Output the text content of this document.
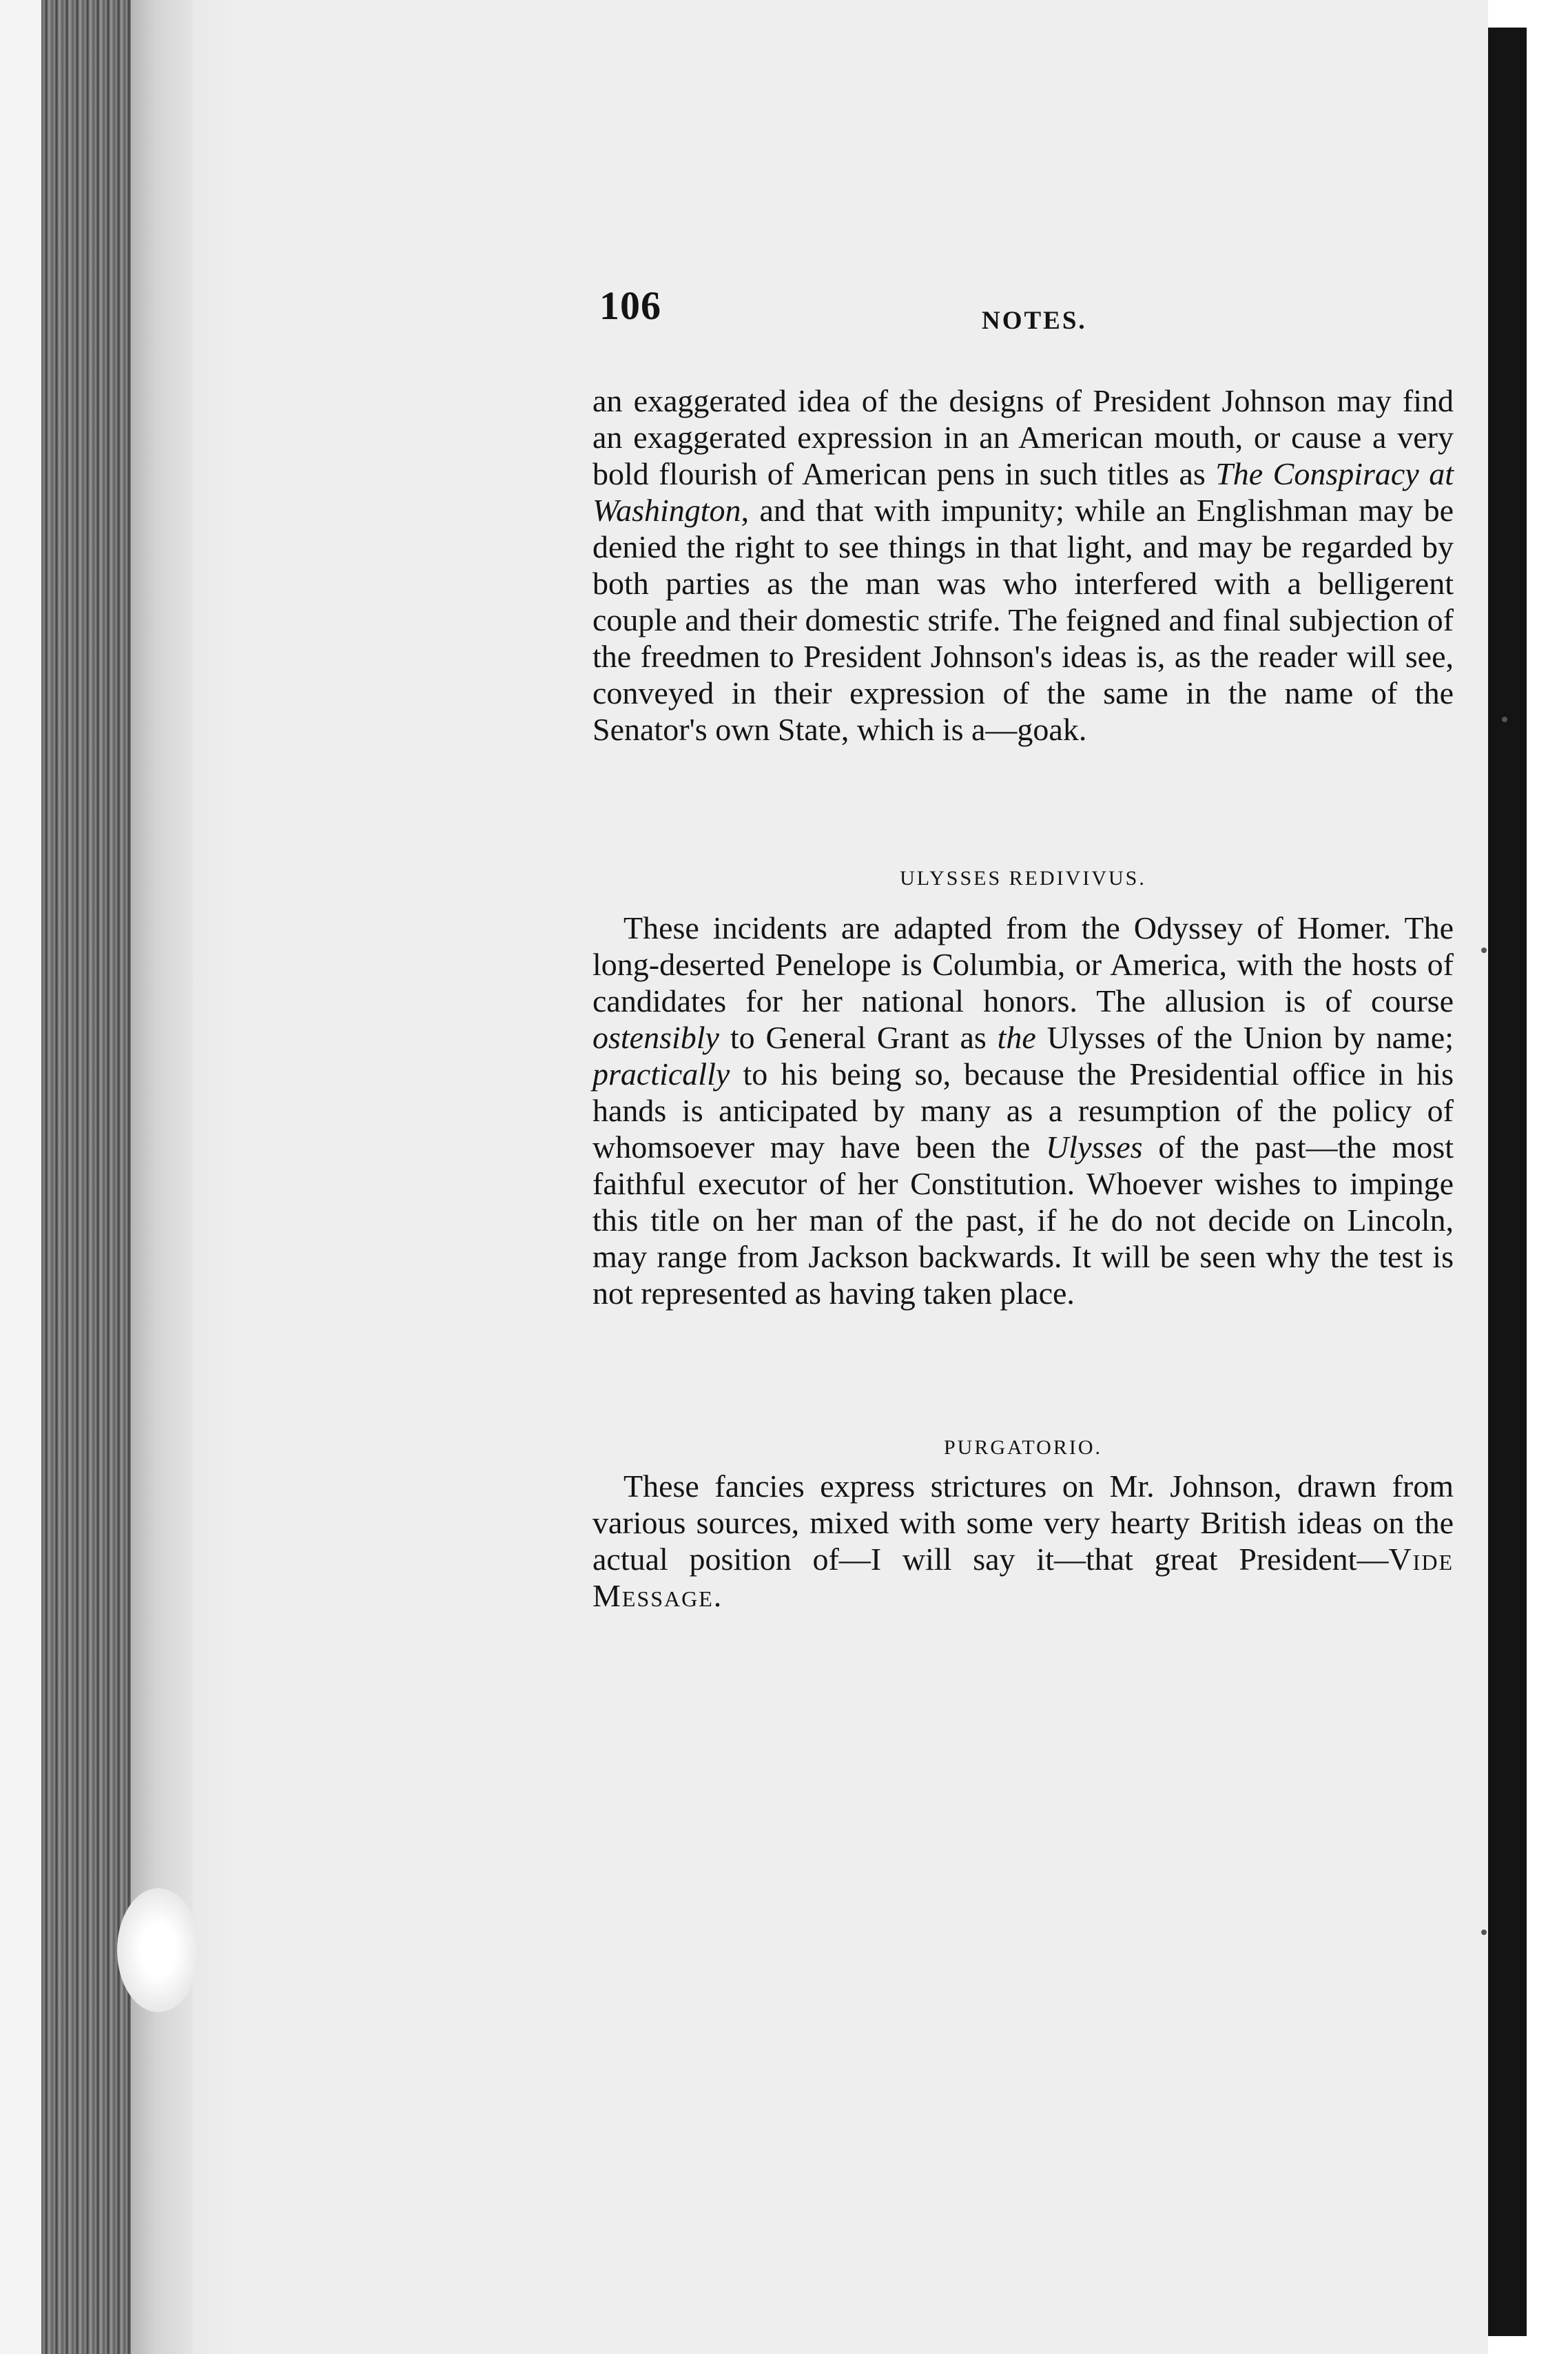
106	NOTES.

an exaggerated idea of the designs of President Johnson may find an exaggerated expression in an American mouth, or cause a very bold flourish of American pens in such titles as The Conspiracy at Washington, and that with impunity; while an Englishman may be denied the right to see things in that light, and may be regarded by both parties as the man was who interfered with a belligerent couple and their domestic strife. The feigned and final subjection of the freedmen to President Johnson's ideas is, as the reader will see, conveyed in their expression of the same in the name of the Senator's own State, which is a—goak.

ULYSSES REDIVIVUS.

These incidents are adapted from the Odyssey of Homer. The long-deserted Penelope is Columbia, or America, with the hosts of candidates for her national honors. The allusion is of course ostensibly to General Grant as the Ulysses of the Union by name; practically to his being so, because the Presidential office in his hands is anticipated by many as a resumption of the policy of whomsoever may have been the Ulysses of the past—the most faithful executor of her Constitution. Whoever wishes to impinge this title on her man of the past, if he do not decide on Lincoln, may range from Jackson backwards. It will be seen why the test is not represented as having taken place.

PURGATORIO.

These fancies express strictures on Mr. Johnson, drawn from various sources, mixed with some very hearty British ideas on the actual position of—I will say it—that great President—Vide Message.
